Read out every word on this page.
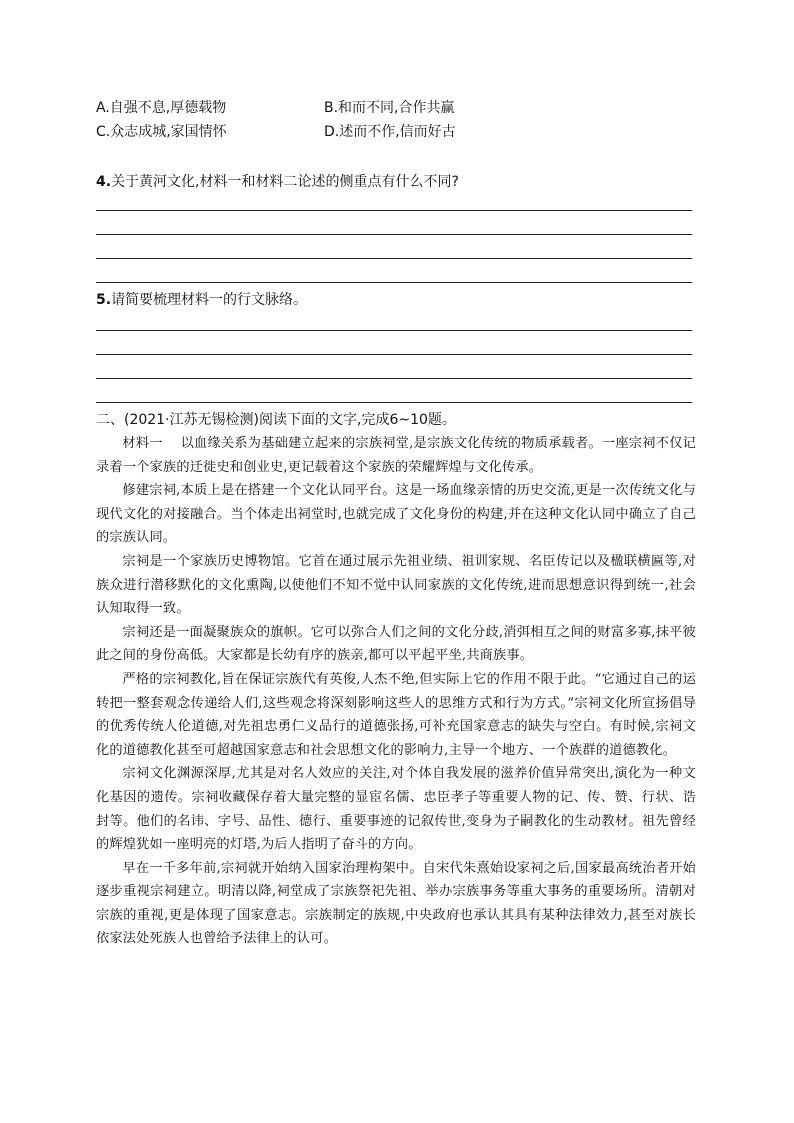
A.自强不息,厚德载物	B.和而不同,合作共赢
C.众志成城,家国情怀	D.述而不作,信而好古
4.关于黄河文化,材料一和材料二论述的侧重点有什么不同?
5.请简要梳理材料一的行文脉络。
二、(2021·江苏无锡检测)阅读下面的文字,完成6~10题。

材料一 以血缘关系为基础建立起来的宗族祠堂,是宗族文化传统的物质承载者。一座宗祠不仅记录着一个家族的迁徙史和创业史,更记载着这个家族的荣耀辉煌与文化传承。

修建宗祠,本质上是在搭建一个文化认同平台。这是一场血缘亲情的历史交流,更是一次传统文化与现代文化的对接融合。当个体走出祠堂时,也就完成了文化身份的构建,并在这种文化认同中确立了自己的宗族认同。

宗祠是一个家族历史博物馆。它首在通过展示先祖业绩、祖训家规、名臣传记以及楹联横匾等,对族众进行潜移默化的文化熏陶,以使他们不知不觉中认同家族的文化传统,进而思想意识得到统一,社会认知取得一致。

宗祠还是一面凝聚族众的旗帜。它可以弥合人们之间的文化分歧,消弭相互之间的财富多寡,抹平彼此之间的身份高低。大家都是长幼有序的族亲,都可以平起平坐,共商族事。

严格的宗祠教化,旨在保证宗族代有英俊,人杰不绝,但实际上它的作用不限于此。“它通过自己的运转把一整套观念传递给人们,这些观念将深刻影响这些人的思维方式和行为方式。”宗祠文化所宣扬倡导的优秀传统人伦道德,对先祖忠勇仁义品行的道德张扬,可补充国家意志的缺失与空白。有时候,宗祠文化的道德教化甚至可超越国家意志和社会思想文化的影响力,主导一个地方、一个族群的道德教化。

宗祠文化渊源深厚,尤其是对名人效应的关注,对个体自我发展的滋养价值异常突出,演化为一种文化基因的遗传。宗祠收藏保存着大量完整的显宦名儒、忠臣孝子等重要人物的记、传、赞、行状、诰封等。他们的名讳、字号、品性、德行、重要事迹的记叙传世,变身为子嗣教化的生动教材。祖先曾经的辉煌犹如一座明亮的灯塔,为后人指明了奋斗的方向。

早在一千多年前,宗祠就开始纳入国家治理构架中。自宋代朱熹始设家祠之后,国家最高统治者开始逐步重视宗祠建立。明清以降,祠堂成了宗族祭祀先祖、举办宗族事务等重大事务的重要场所。清朝对宗族的重视,更是体现了国家意志。宗族制定的族规,中央政府也承认其具有某种法律效力,甚至对族长依家法处死族人也曾给予法律上的认可。
